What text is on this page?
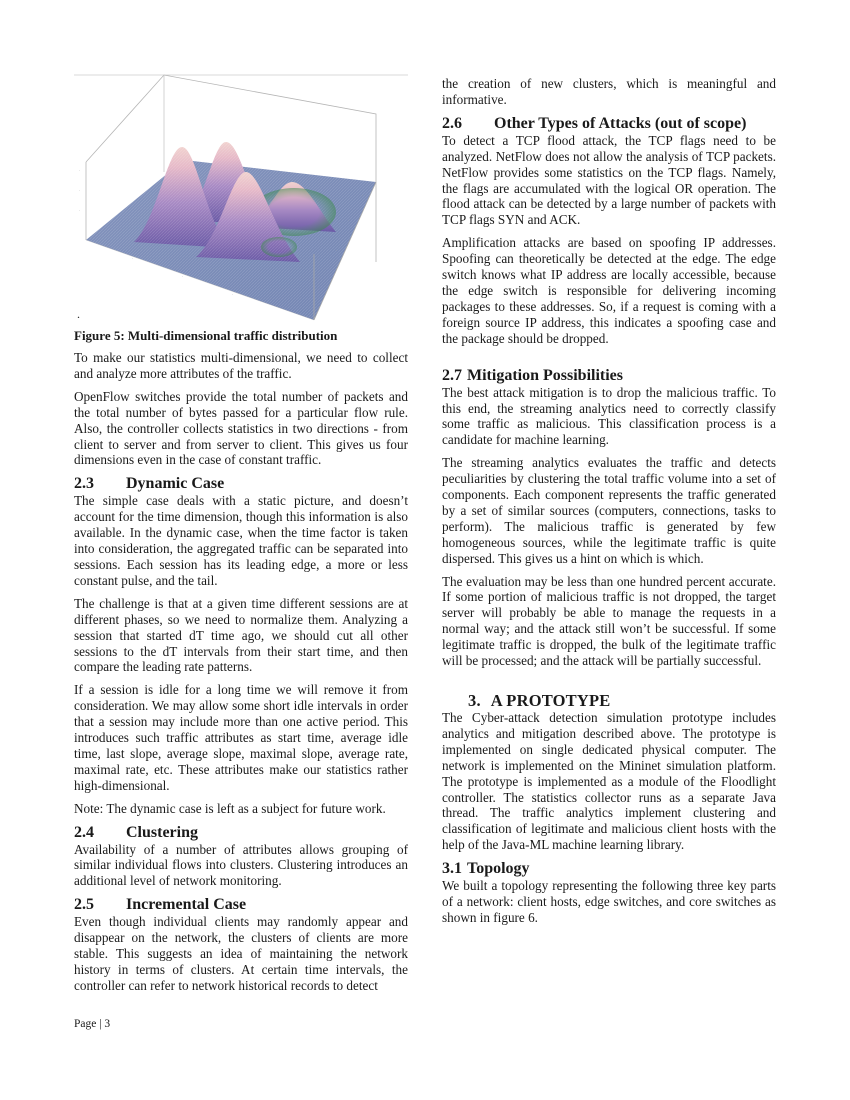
·
·
·
·
·
·
·
·
·
.
Figure 5: Multi-dimensional traffic distribution

To make our statistics multi-dimensional, we need to collect and analyze more attributes of the traffic.

OpenFlow switches provide the total number of packets and the total number of bytes passed for a particular flow rule. Also, the controller collects statistics in two directions - from client to server and from server to client. This gives us four dimensions even in the case of constant traffic.

2.3 Dynamic Case

The simple case deals with a static picture, and doesn’t account for the time dimension, though this information is also available. In the dynamic case, when the time factor is taken into consideration, the aggregated traffic can be separated into sessions. Each session has its leading edge, a more or less constant pulse, and the tail.

The challenge is that at a given time different sessions are at different phases, so we need to normalize them. Analyzing a session that started dT time ago, we should cut all other sessions to the dT intervals from their start time, and then compare the leading rate patterns.

If a session is idle for a long time we will remove it from consideration. We may allow some short idle intervals in order that a session may include more than one active period. This introduces such traffic attributes as start time, average idle time, last slope, average slope, maximal slope, average rate, maximal rate, etc. These attributes make our statistics rather high-dimensional.

Note: The dynamic case is left as a subject for future work.

2.4 Clustering

Availability of a number of attributes allows grouping of similar individual flows into clusters. Clustering introduces an additional level of network monitoring.

2.5 Incremental Case

Even though individual clients may randomly appear and disappear on the network, the clusters of clients are more stable. This suggests an idea of maintaining the network history in terms of clusters. At certain time intervals, the controller can refer to network historical records to detect

the creation of new clusters, which is meaningful and informative.

2.6 Other Types of Attacks (out of scope)

To detect a TCP flood attack, the TCP flags need to be analyzed. NetFlow does not allow the analysis of TCP packets. NetFlow provides some statistics on the TCP flags. Namely, the flags are accumulated with the logical OR operation. The flood attack can be detected by a large number of packets with TCP flags SYN and ACK.

Amplification attacks are based on spoofing IP addresses. Spoofing can theoretically be detected at the edge. The edge switch knows what IP address are locally accessible, because the edge switch is responsible for delivering incoming packages to these addresses. So, if a request is coming with a foreign source IP address, this indicates a spoofing case and the package should be dropped.

2.7 Mitigation Possibilities

The best attack mitigation is to drop the malicious traffic. To this end, the streaming analytics need to correctly classify some traffic as malicious. This classification process is a candidate for machine learning.

The streaming analytics evaluates the traffic and detects peculiarities by clustering the total traffic volume into a set of components. Each component represents the traffic generated by a set of similar sources (computers, connections, tasks to perform). The malicious traffic is generated by few homogeneous sources, while the legitimate traffic is quite dispersed. This gives us a hint on which is which.

The evaluation may be less than one hundred percent accurate. If some portion of malicious traffic is not dropped, the target server will probably be able to manage the requests in a normal way; and the attack still won’t be successful. If some legitimate traffic is dropped, the bulk of the legitimate traffic will be processed; and the attack will be partially successful.

3. A PROTOTYPE

The Cyber-attack detection simulation prototype includes analytics and mitigation described above. The prototype is implemented on single dedicated physical computer. The network is implemented on the Mininet simulation platform. The prototype is implemented as a module of the Floodlight controller. The statistics collector runs as a separate Java thread. The traffic analytics implement clustering and classification of legitimate and malicious client hosts with the help of the Java-ML machine learning library.

3.1 Topology

We built a topology representing the following three key parts of a network: client hosts, edge switches, and core switches as shown in figure 6.

Page | 3
